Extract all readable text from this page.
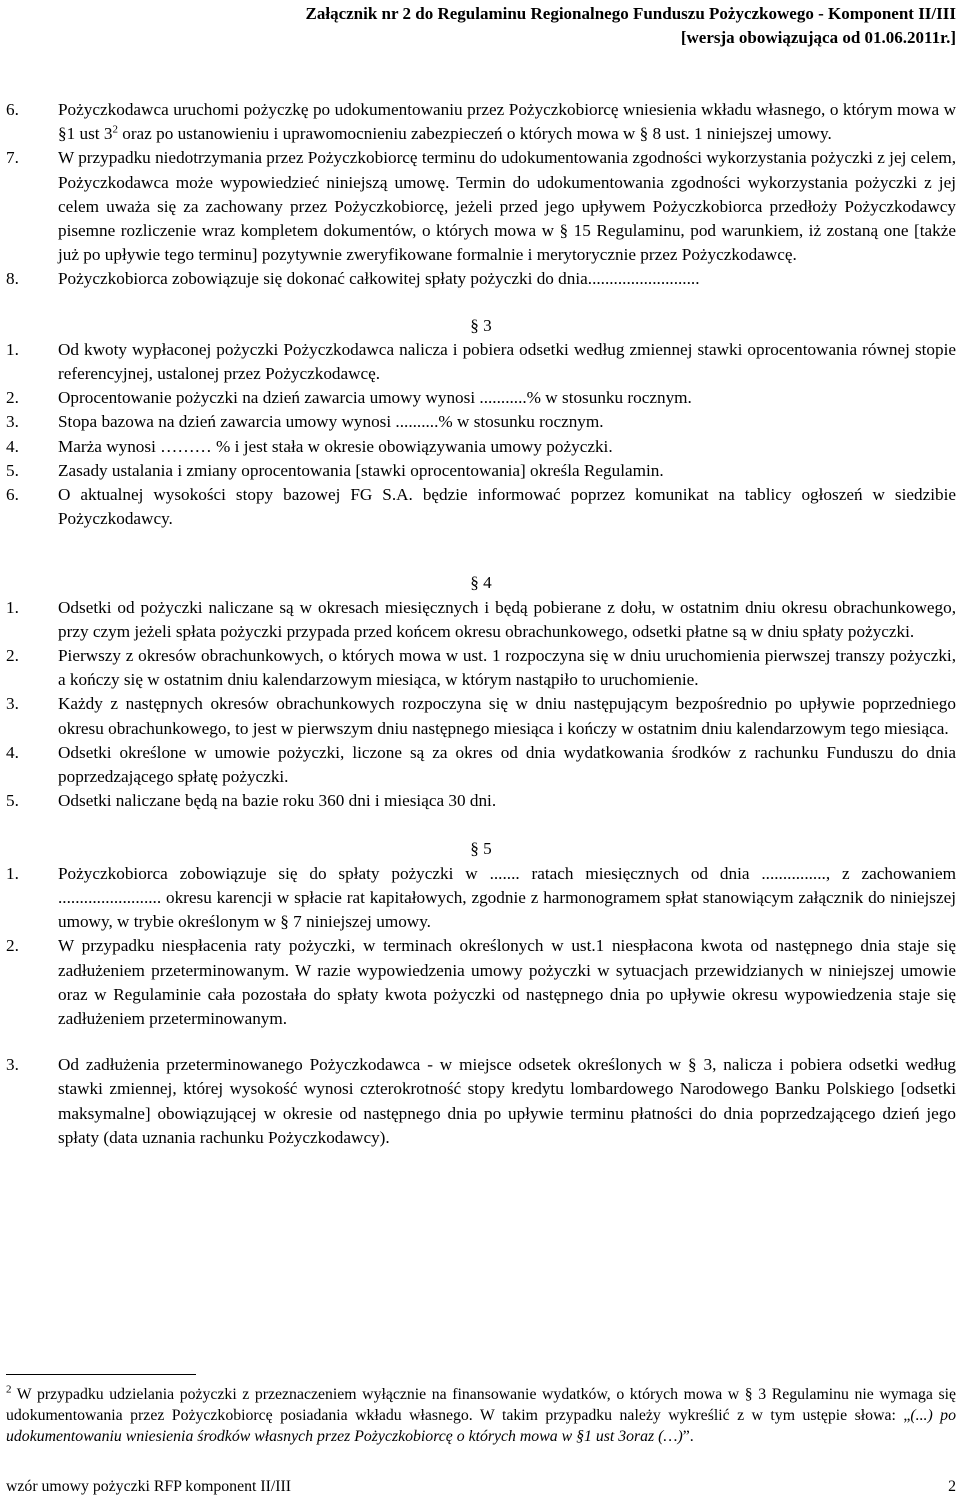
Załącznik nr 2 do Regulaminu Regionalnego Funduszu Pożyczkowego - Komponent II/III
[wersja obowiązująca od 01.06.2011r.]
6.	Pożyczkodawca uruchomi pożyczkę po udokumentowaniu przez Pożyczkobiorcę wniesienia wkładu własnego, o którym mowa w §1 ust $3^2$ oraz po ustanowieniu i uprawomocnieniu zabezpieczeń o których mowa w § 8 ust. 1 niniejszej umowy.
7.	W przypadku niedotrzymania przez Pożyczkobiorcę terminu do udokumentowania zgodności wykorzystania pożyczki z jej celem, Pożyczkodawca może wypowiedzieć niniejszą umowę. Termin do udokumentowania zgodności wykorzystania pożyczki z jej celem uważa się za zachowany przez Pożyczkobiorcę, jeżeli przed jego upływem Pożyczkobiorca przedłoży Pożyczkodawcy pisemne rozliczenie wraz kompletem dokumentów, o których mowa w § 15 Regulaminu, pod warunkiem, iż zostaną one [także już po upływie tego terminu] pozytywnie zweryfikowane formalnie i merytorycznie przez Pożyczkodawcę.
8.	Pożyczkobiorca zobowiązuje się dokonać całkowitej spłaty pożyczki do dnia..........................
§ 3
1.	Od kwoty wypłaconej pożyczki Pożyczkodawca nalicza i pobiera odsetki według zmiennej stawki oprocentowania równej stopie referencyjnej, ustalonej przez Pożyczkodawcę.
2.	Oprocentowanie pożyczki na dzień zawarcia umowy wynosi ...........% w stosunku rocznym.
3.	Stopa bazowa na dzień zawarcia umowy wynosi ..........% w stosunku rocznym.
4.	Marża wynosi ……… % i jest stała w okresie obowiązywania umowy pożyczki.
5.	Zasady ustalania i zmiany oprocentowania [stawki oprocentowania] określa Regulamin.
6.	O aktualnej wysokości stopy bazowej FG S.A. będzie informować poprzez komunikat na tablicy ogłoszeń w siedzibie Pożyczkodawcy.
§ 4
1.	Odsetki od pożyczki naliczane są w okresach miesięcznych i będą pobierane z dołu, w ostatnim dniu okresu obrachunkowego, przy czym jeżeli spłata pożyczki przypada przed końcem okresu obrachunkowego, odsetki płatne są w dniu spłaty pożyczki.
2.	Pierwszy z okresów obrachunkowych, o których mowa w ust. 1 rozpoczyna się w dniu uruchomienia pierwszej transzy pożyczki, a kończy się w ostatnim dniu kalendarzowym miesiąca, w którym nastąpiło to uruchomienie.
3.	Każdy z następnych okresów obrachunkowych rozpoczyna się w dniu następującym bezpośrednio po upływie poprzedniego okresu obrachunkowego, to jest w pierwszym dniu następnego miesiąca i kończy w ostatnim dniu kalendarzowym tego miesiąca.
4.	Odsetki określone w umowie pożyczki, liczone są za okres od dnia wydatkowania środków z rachunku Funduszu do dnia poprzedzającego spłatę pożyczki.
5.	Odsetki naliczane będą na bazie roku 360 dni i miesiąca 30 dni.
§ 5
1.	Pożyczkobiorca zobowiązuje się do spłaty pożyczki w ....... ratach miesięcznych od dnia ..............., z zachowaniem ........................ okresu karencji w spłacie rat kapitałowych, zgodnie z harmonogramem spłat stanowiącym załącznik do niniejszej umowy, w trybie określonym w § 7 niniejszej umowy.
2.	W przypadku niespłacenia raty pożyczki, w terminach określonych w ust.1 niespłacona kwota od następnego dnia staje się zadłużeniem przeterminowanym. W razie wypowiedzenia umowy pożyczki w sytuacjach przewidzianych w niniejszej umowie oraz w Regulaminie cała pozostała do spłaty kwota pożyczki od następnego dnia po upływie okresu wypowiedzenia staje się zadłużeniem przeterminowanym.
3.	Od zadłużenia przeterminowanego Pożyczkodawca - w miejsce odsetek określonych w § 3, nalicza i pobiera odsetki według stawki zmiennej, której wysokość wynosi czterokrotność stopy kredytu lombardowego Narodowego Banku Polskiego [odsetki maksymalne] obowiązującej w okresie od następnego dnia po upływie terminu płatności do dnia poprzedzającego dzień jego spłaty (data uznania rachunku Pożyczkodawcy).
$^2$ W przypadku udzielania pożyczki z przeznaczeniem wyłącznie na finansowanie wydatków, o których mowa w § 3 Regulaminu nie wymaga się udokumentowania przez Pożyczkobiorcę posiadania wkładu własnego. W takim przypadku należy wykreślić z w tym ustępie słowa: „(...) po udokumentowaniu wniesienia środków własnych przez Pożyczkobiorcę o których mowa w §1 ust 3oraz (…)”.
wzór umowy pożyczki RFP komponent II/III	2
